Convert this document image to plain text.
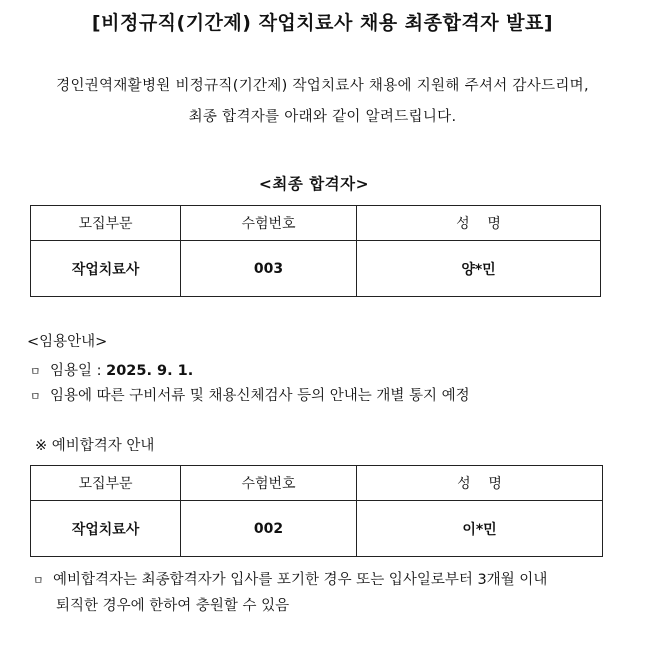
[비정규직(기간제) 작업치료사 채용 최종합격자 발표]
경인권역재활병원 비정규직(기간제) 작업치료사 채용에 지원해 주셔서 감사드리며,
최종 합격자를 아래와 같이 알려드립니다.
<최종 합격자>
모집부문	수험번호	성    명
작업치료사	003	양*민
<임용안내>
ㅁ 임용일 : 2025. 9. 1.
ㅁ 임용에 따른 구비서류 및 채용신체검사 등의 안내는 개별 통지 예정
※ 예비합격자 안내
모집부문	수험번호	성    명
작업치료사	002	이*민
ㅁ 예비합격자는 최종합격자가 입사를 포기한 경우 또는 입사일로부터 3개월 이내
퇴직한 경우에 한하여 충원할 수 있음
